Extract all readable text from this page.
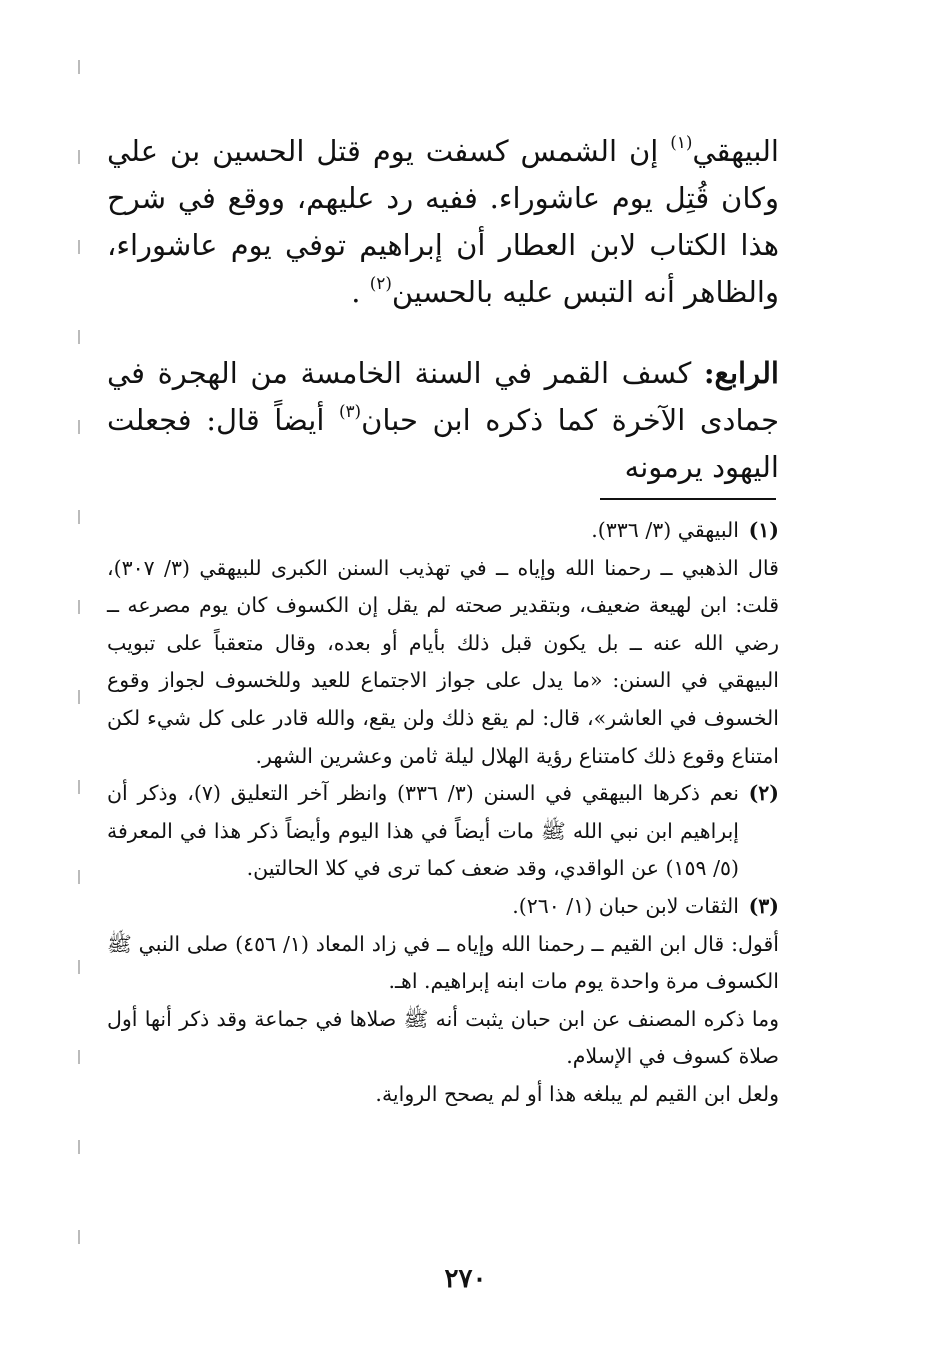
البيهقي$^{(١)}$ إن الشمس كسفت يوم قتل الحسين بن علي وكان قُتِل يوم عاشوراء. ففيه رد عليهم، ووقع في شرح هذا الكتاب لابن العطار أن إبراهيم توفي يوم عاشوراء، والظاهر أنه التبس عليه بالحسين$^{(٢)}$ .

الرابع: كسف القمر في السنة الخامسة من الهجرة في جمادى الآخرة كما ذكره ابن حبان$^{(٣)}$ أيضاً قال: فجعلت اليهود يرمونه

(١)
البيهقي (٣/ ٣٣٦).
قال الذهبي ــ رحمنا الله وإياه ــ في تهذيب السنن الكبرى للبيهقي (٣/ ٣٠٧)، قلت: ابن لهيعة ضعيف، وبتقدير صحته لم يقل إن الكسوف كان يوم مصرعه ــ رضي الله عنه ــ بل يكون قبل ذلك بأيام أو بعده، وقال متعقباً على تبويب البيهقي في السنن: «ما يدل على جواز الاجتماع للعيد وللخسوف لجواز وقوع الخسوف في العاشر»، قال: لم يقع ذلك ولن يقع، والله قادر على كل شيء لكن امتناع وقوع ذلك كامتناع رؤية الهلال ليلة ثامن وعشرين الشهر.
(٢)
نعم ذكرها البيهقي في السنن (٣/ ٣٣٦) وانظر آخر التعليق (٧)، وذكر أن إبراهيم ابن نبي الله ﷺ مات أيضاً في هذا اليوم وأيضاً ذكر هذا في المعرفة (٥/ ١٥٩) عن الواقدي، وقد ضعف كما ترى في كلا الحالتين.
(٣)
الثقات لابن حبان (١/ ٢٦٠).
أقول: قال ابن القيم ــ رحمنا الله وإياه ــ في زاد المعاد (١/ ٤٥٦) صلى النبي ﷺ الكسوف مرة واحدة يوم مات ابنه إبراهيم. اهـ.
وما ذكره المصنف عن ابن حبان يثبت أنه ﷺ صلاها في جماعة وقد ذكر أنها أول صلاة كسوف في الإسلام.
ولعل ابن القيم لم يبلغه هذا أو لم يصحح الرواية.
٢٧٠
